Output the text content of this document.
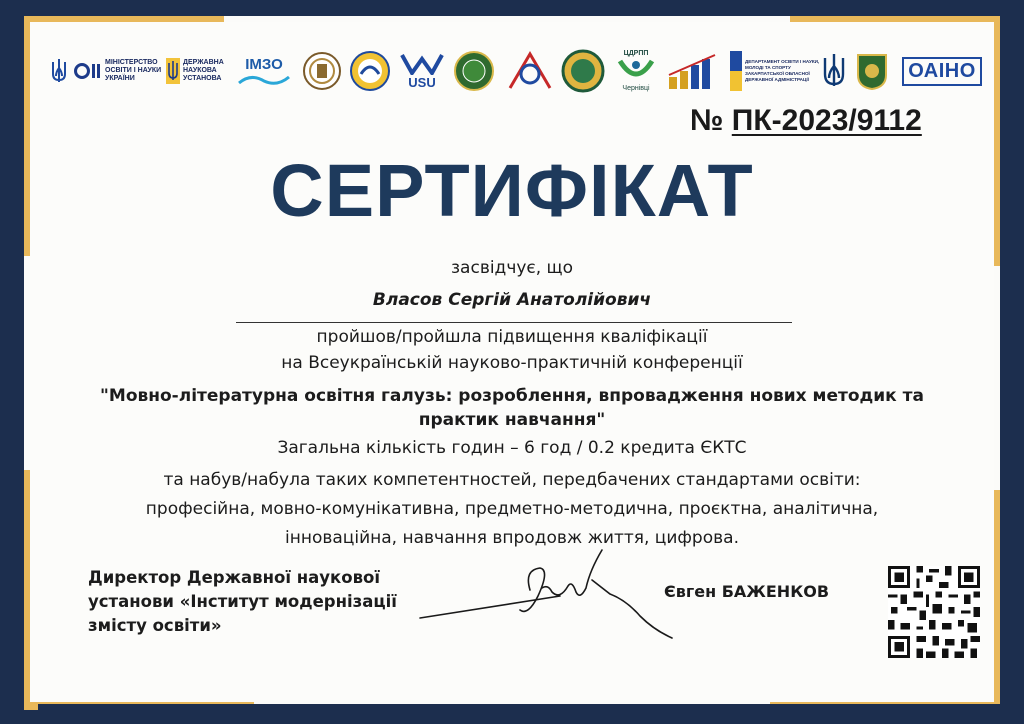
МІНІСТЕРСТВО
ОСВІТИ І НАУКИ
УКРАЇНИ
ДЕРЖАВНА
НАУКОВА
УСТАНОВА
IМЗО
USU
ЦДРПП
Чернівці
ДЕПАРТАМЕНТ ОСВІТИ І НАУКИ, МОЛОДІ ТА СПОРТУ ЗАКАРПАТСЬКОЇ ОБЛАСНОЇ ДЕРЖАВНОЇ АДМІНІСТРАЦІЇ	ОАІНО
№ ПК-2023/9112
СЕРТИФІКАТ
засвідчує, що
Власов Сергій Анатолійович
пройшов/пройшла підвищення кваліфікації
на Всеукраїнській науково-практичній конференції
"Мовно-літературна освітня галузь: розроблення, впровадження нових методик та
практик навчання"
Загальна кількість годин – 6 год / 0.2 кредита ЄКТС
та набув/набула таких компетентностей, передбачених стандартами освіти:
професійна, мовно-комунікативна, предметно-методична, проєктна, аналітична,
інноваційна, навчання впродовж життя, цифрова.
Директор Державної наукової
установи «Інститут модернізації
змісту освіти»
Євген БАЖЕНКОВ
